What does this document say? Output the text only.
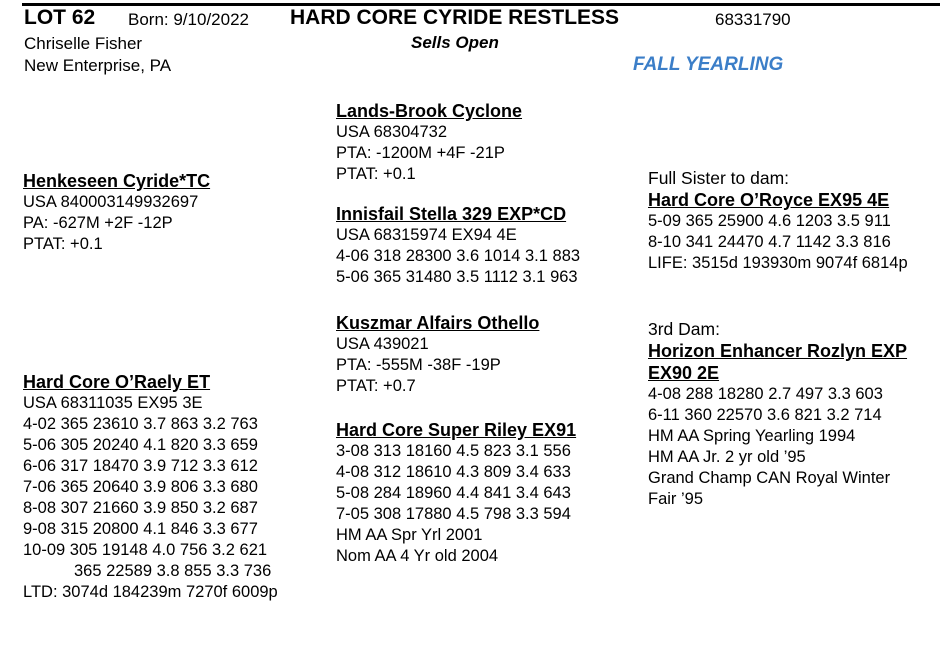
LOT 62 Born: 9/10/2022 HARD CORE CYRIDE RESTLESS	68331790
Chriselle Fisher
New Enterprise, PA
Sells Open
FALL YEARLING
Lands-Brook Cyclone
USA 68304732
PTA: -1200M +4F -21P
PTAT: +0.1
Henkeseen Cyride*TC
USA 840003149932697
PA: -627M +2F -12P
PTAT: +0.1
Innisfail Stella 329 EXP*CD
USA 68315974 EX94 4E
4-06 318 28300 3.6 1014 3.1 883
5-06 365 31480 3.5 1112 3.1 963
Full Sister to dam:
Hard Core O’Royce EX95 4E
5-09 365 25900 4.6 1203 3.5 911
8-10 341 24470 4.7 1142 3.3 816
LIFE: 3515d 193930m 9074f 6814p
Kuszmar Alfairs Othello
USA 439021
PTA: -555M -38F -19P
PTAT: +0.7
3rd Dam:
Horizon Enhancer Rozlyn EXP
EX90 2E
4-08 288 18280 2.7 497 3.3 603
6-11 360 22570 3.6 821 3.2 714
HM AA Spring Yearling 1994
HM AA Jr. 2 yr old ’95
Grand Champ CAN Royal Winter
Fair ’95
Hard Core O’Raely ET
USA 68311035 EX95 3E
4-02 365 23610 3.7 863 3.2 763
5-06 305 20240 4.1 820 3.3 659
6-06 317 18470 3.9 712 3.3 612
7-06 365 20640 3.9 806 3.3 680
8-08 307 21660 3.9 850 3.2 687
9-08 315 20800 4.1 846 3.3 677
10-09 305 19148 4.0 756 3.2 621
365 22589 3.8 855 3.3 736
LTD: 3074d 184239m 7270f 6009p
Hard Core Super Riley EX91
3-08 313 18160 4.5 823 3.1 556
4-08 312 18610 4.3 809 3.4 633
5-08 284 18960 4.4 841 3.4 643
7-05 308 17880 4.5 798 3.3 594
HM AA Spr Yrl 2001
Nom AA 4 Yr old 2004
